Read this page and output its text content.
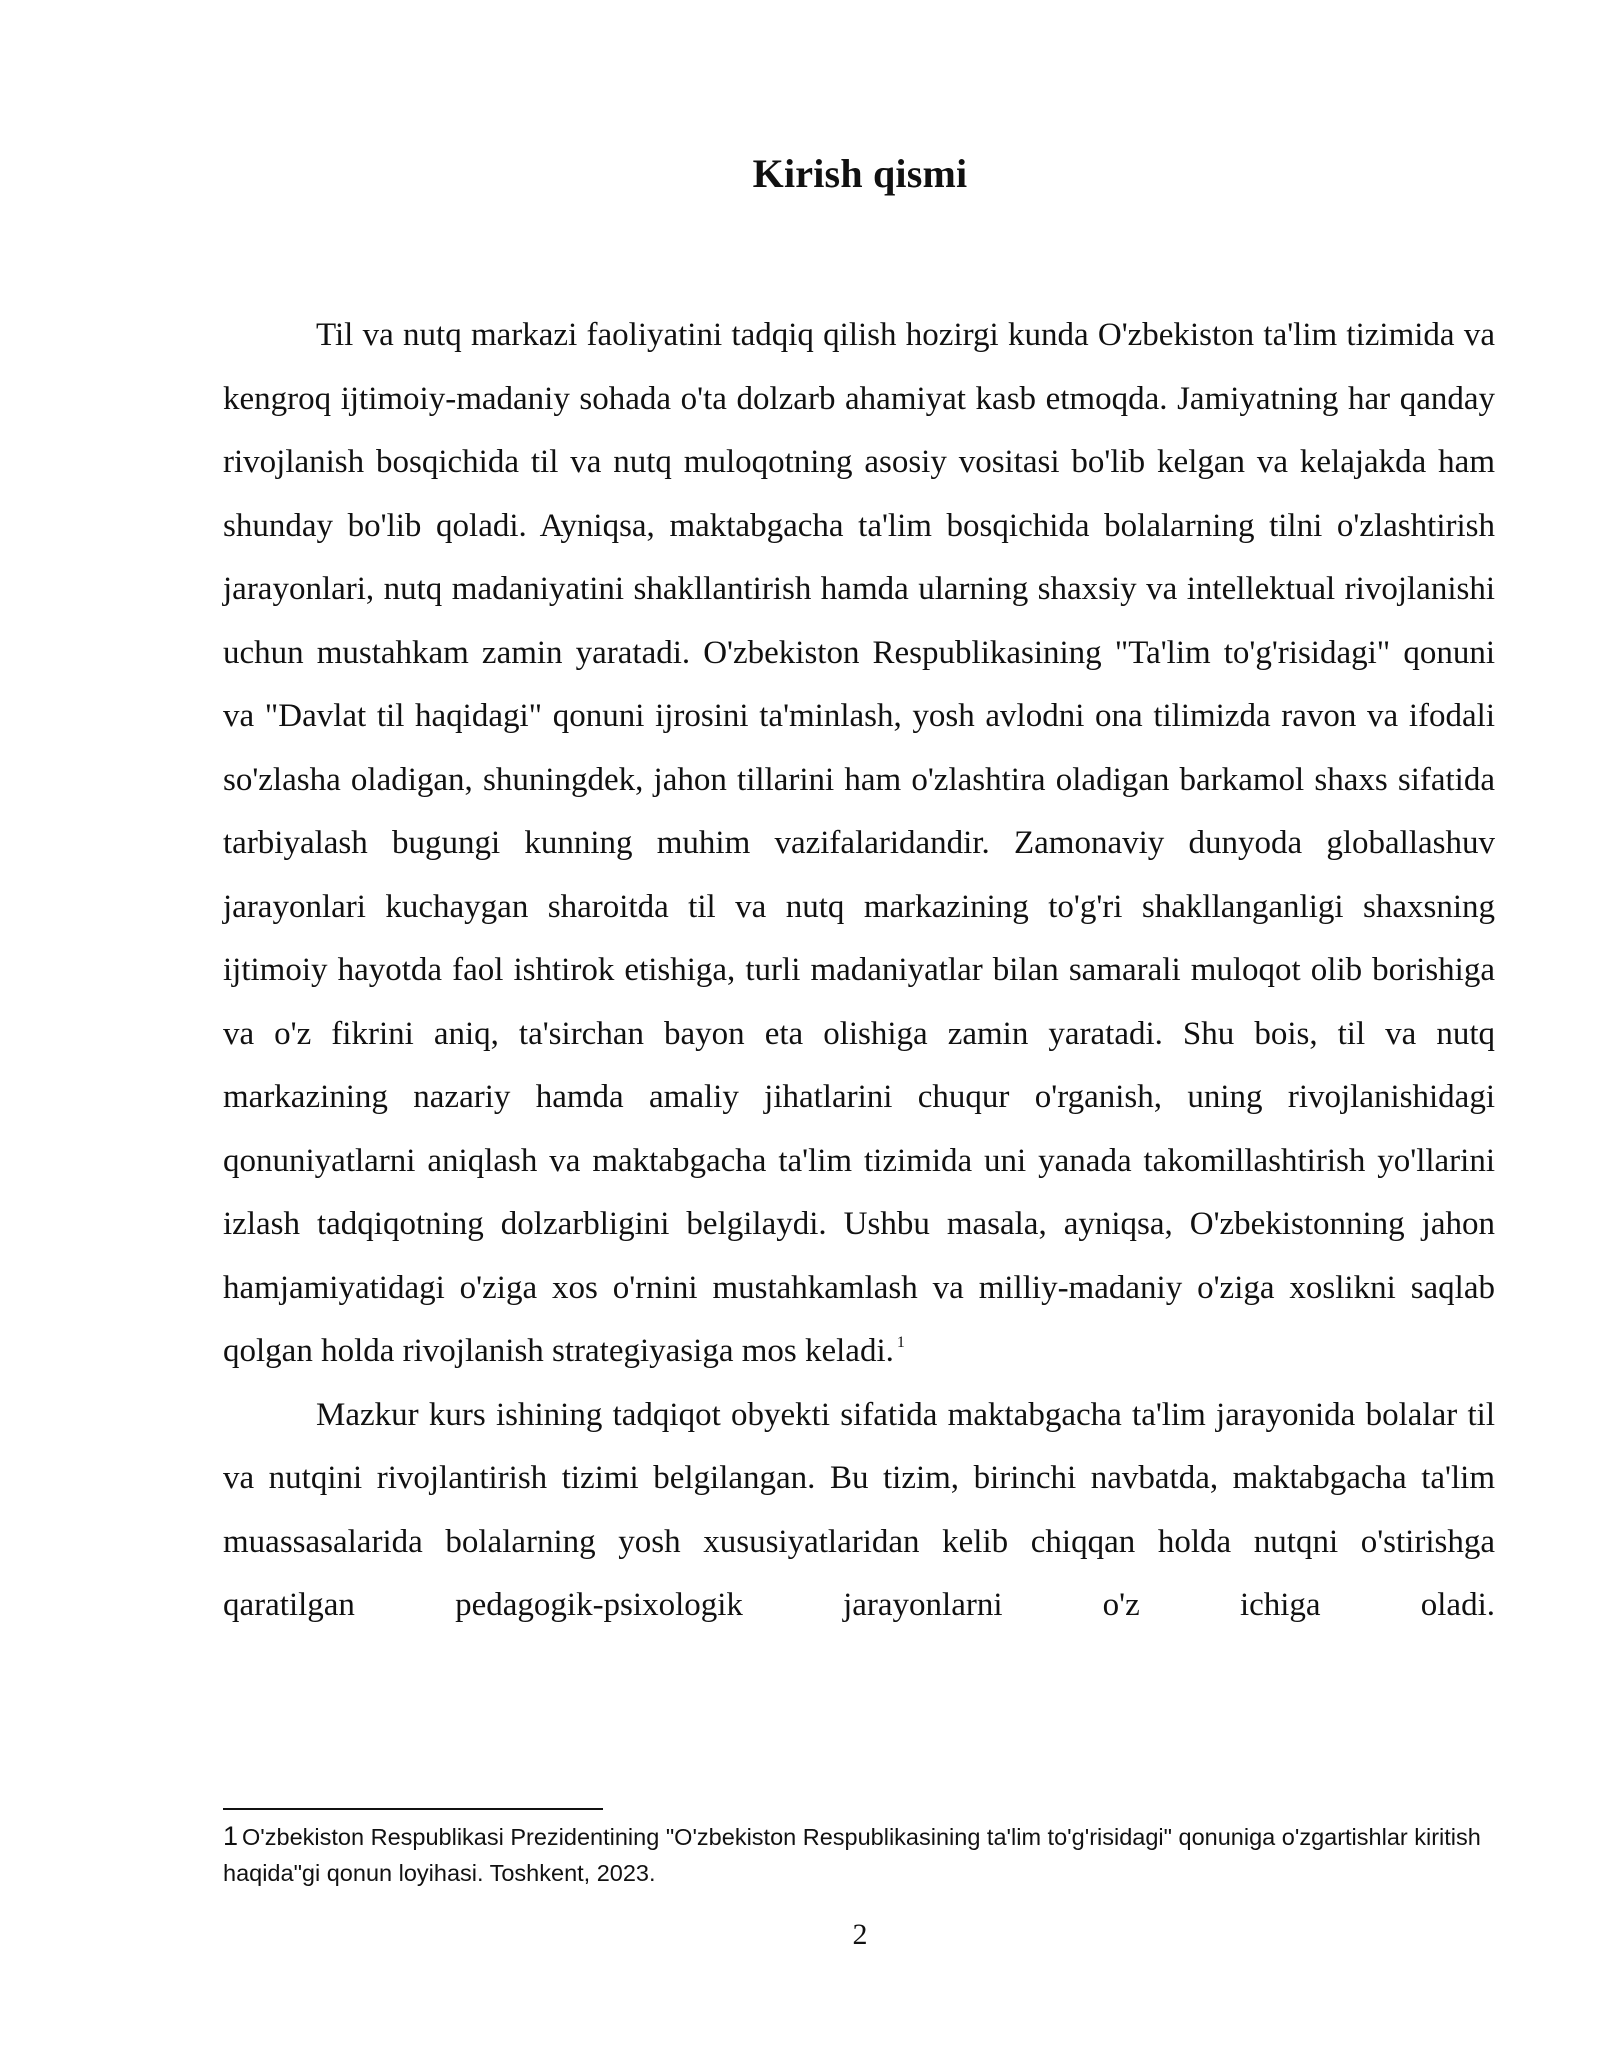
Kirish qismi

Til va nutq markazi faoliyatini tadqiq qilish hozirgi kunda O'zbekiston ta'lim tizimida va kengroq ijtimoiy-madaniy sohada o'ta dolzarb ahamiyat kasb etmoqda. Jamiyatning har qanday rivojlanish bosqichida til va nutq muloqotning asosiy vositasi bo'lib kelgan va kelajakda ham shunday bo'lib qoladi. Ayniqsa, maktabgacha ta'lim bosqichida bolalarning tilni o'zlashtirish jarayonlari, nutq madaniyatini shakllantirish hamda ularning shaxsiy va intellektual rivojlanishi uchun mustahkam zamin yaratadi. O'zbekiston Respublikasining "Ta'lim to'g'risidagi" qonuni va "Davlat til haqidagi" qonuni ijrosini ta'minlash, yosh avlodni ona tilimizda ravon va ifodali so'zlasha oladigan, shuningdek, jahon tillarini ham o'zlashtira oladigan barkamol shaxs sifatida tarbiyalash bugungi kunning muhim vazifalaridandir. Zamonaviy dunyoda globallashuv jarayonlari kuchaygan sharoitda til va nutq markazining to'g'ri shakllanganligi shaxsning ijtimoiy hayotda faol ishtirok etishiga, turli madaniyatlar bilan samarali muloqot olib borishiga va o'z fikrini aniq, ta'sirchan bayon eta olishiga zamin yaratadi. Shu bois, til va nutq markazining nazariy hamda amaliy jihatlarini chuqur o'rganish, uning rivojlanishidagi qonuniyatlarni aniqlash va maktabgacha ta'lim tizimida uni yanada takomillashtirish yo'llarini izlash tadqiqotning dolzarbligini belgilaydi. Ushbu masala, ayniqsa, O'zbekistonning jahon hamjamiyatidagi o'ziga xos o'rnini mustahkamlash va milliy-madaniy o'ziga xoslikni saqlab qolgan holda rivojlanish strategiyasiga mos keladi. $^1$

Mazkur kurs ishining tadqiqot obyekti sifatida maktabgacha ta'lim jarayonida bolalar til va nutqini rivojlantirish tizimi belgilangan. Bu tizim, birinchi navbatda, maktabgacha ta'lim muassasalarida bolalarning yosh xususiyatlaridan kelib chiqqan holda nutqni o'stirishga qaratilgan pedagogik-psixologik jarayonlarni o'z ichiga oladi.

1 O'zbekiston Respublikasi Prezidentining "O'zbekiston Respublikasining ta'lim to'g'risidagi" qonuniga o'zgartishlar kiritish haqida"gi qonun loyihasi. Toshkent, 2023.
2
